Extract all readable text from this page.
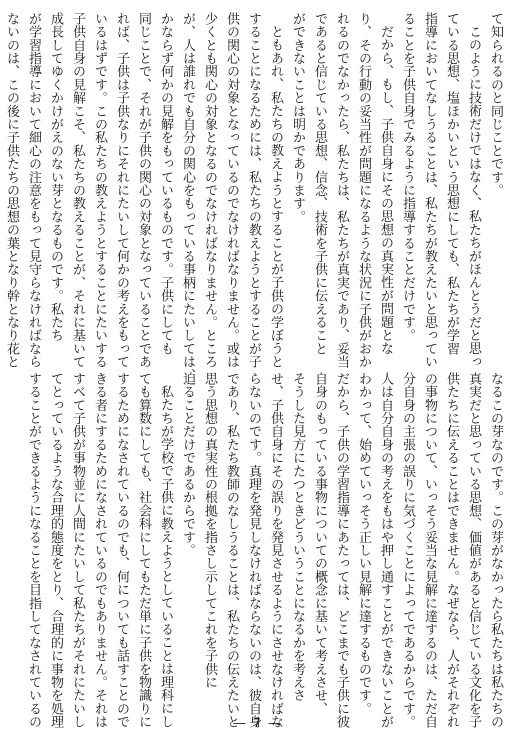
て知られるのと同じことです。
このように技術だけではなく、私たちがほんとうだと思っ
ている思想、塩ほかいという思想にしても、私たちが学習
指導においてなしうることは、私たちが教えたいと思ってい
ることを子供自身でみるように指導することだけです。
だから、もし、子供自身にその思想の真実性が問題とな
り、その行動の妥当性が問題になるような状況に子供がおか
れるのでなかったら、私たちは、私たちが真実であり、妥当
であると信じている思想、信念、技術を子供に伝えること
ができないことは明かであります。
ともあれ、私たちの教えようとすることが子供の学ぼうと
することになるためには、私たちの教えようとすることが子
供の関心の対象となっているのでなければなりません。或は
少くとも関心の対象となるのでなければなりません。ところ
が、人は誰れでも自分の関心をもっている事柄にたいしては、
かならず何かの見解をもっているものです。子供にしても
同じことで、それが子供の関心の対象となっていることであ
れば、子供は子供なりにそれにたいして何かの考えをもって
いるはずです。この私たちの教えようとすることにたいする
子供自身の見解こそ、私たちの教えることが、それに基いて
成長してゆくかけがえのない芽となるものです。私たち
が学習指導において細心の注意をもって見守らなければなら
ないのは、この後に子供たちの思想の葉となり幹となり花と
なるこの芽なのです。この芽がなかったら私たちは私たちの
真実だと思っている思想、価値があると信じている文化を子
供たちに伝えることはできません。なぜなら、人がそれぞれ
の事物について、いっそう妥当な見解に達するのは、ただ自
分自身の主張の誤りに気づくことによってであるからです。
人は自分自身の考えをもはや押し通すことができないことが
わかって、始めていっそう正しい見解に達するものです。
だから、子供の学習指導にあたっては、どこまでも子供に彼
自身のもっている事物についての概念に基いて考えさせ、
そうした見方にたつときどういうことになるかを考えさ
せ、子供自身にその誤りを発見させるようにさせなければな
らないのです。真理を発見しなければならないのは、彼自身
であり、私たち教師のなしうることは、私たちの伝えたいと
思う思想の真実性の根拠を指さし示してこれを子供に
迫ることだけであるからです。
私たちが学校で子供に教えようとしていることは理科にし
ても算数にしても、社会科にしてもただ単に子供を物識りに
するためになされているのでも、何についても話すことので
きる者にするためになされているのでもありません。それは
すべて子供が事物並に人間にたいして私たちがそれにたいし
てとっているような合理的態度をとり、合理的に事物を処理
することができるようになることを目指してなされているの	― 7 ―
